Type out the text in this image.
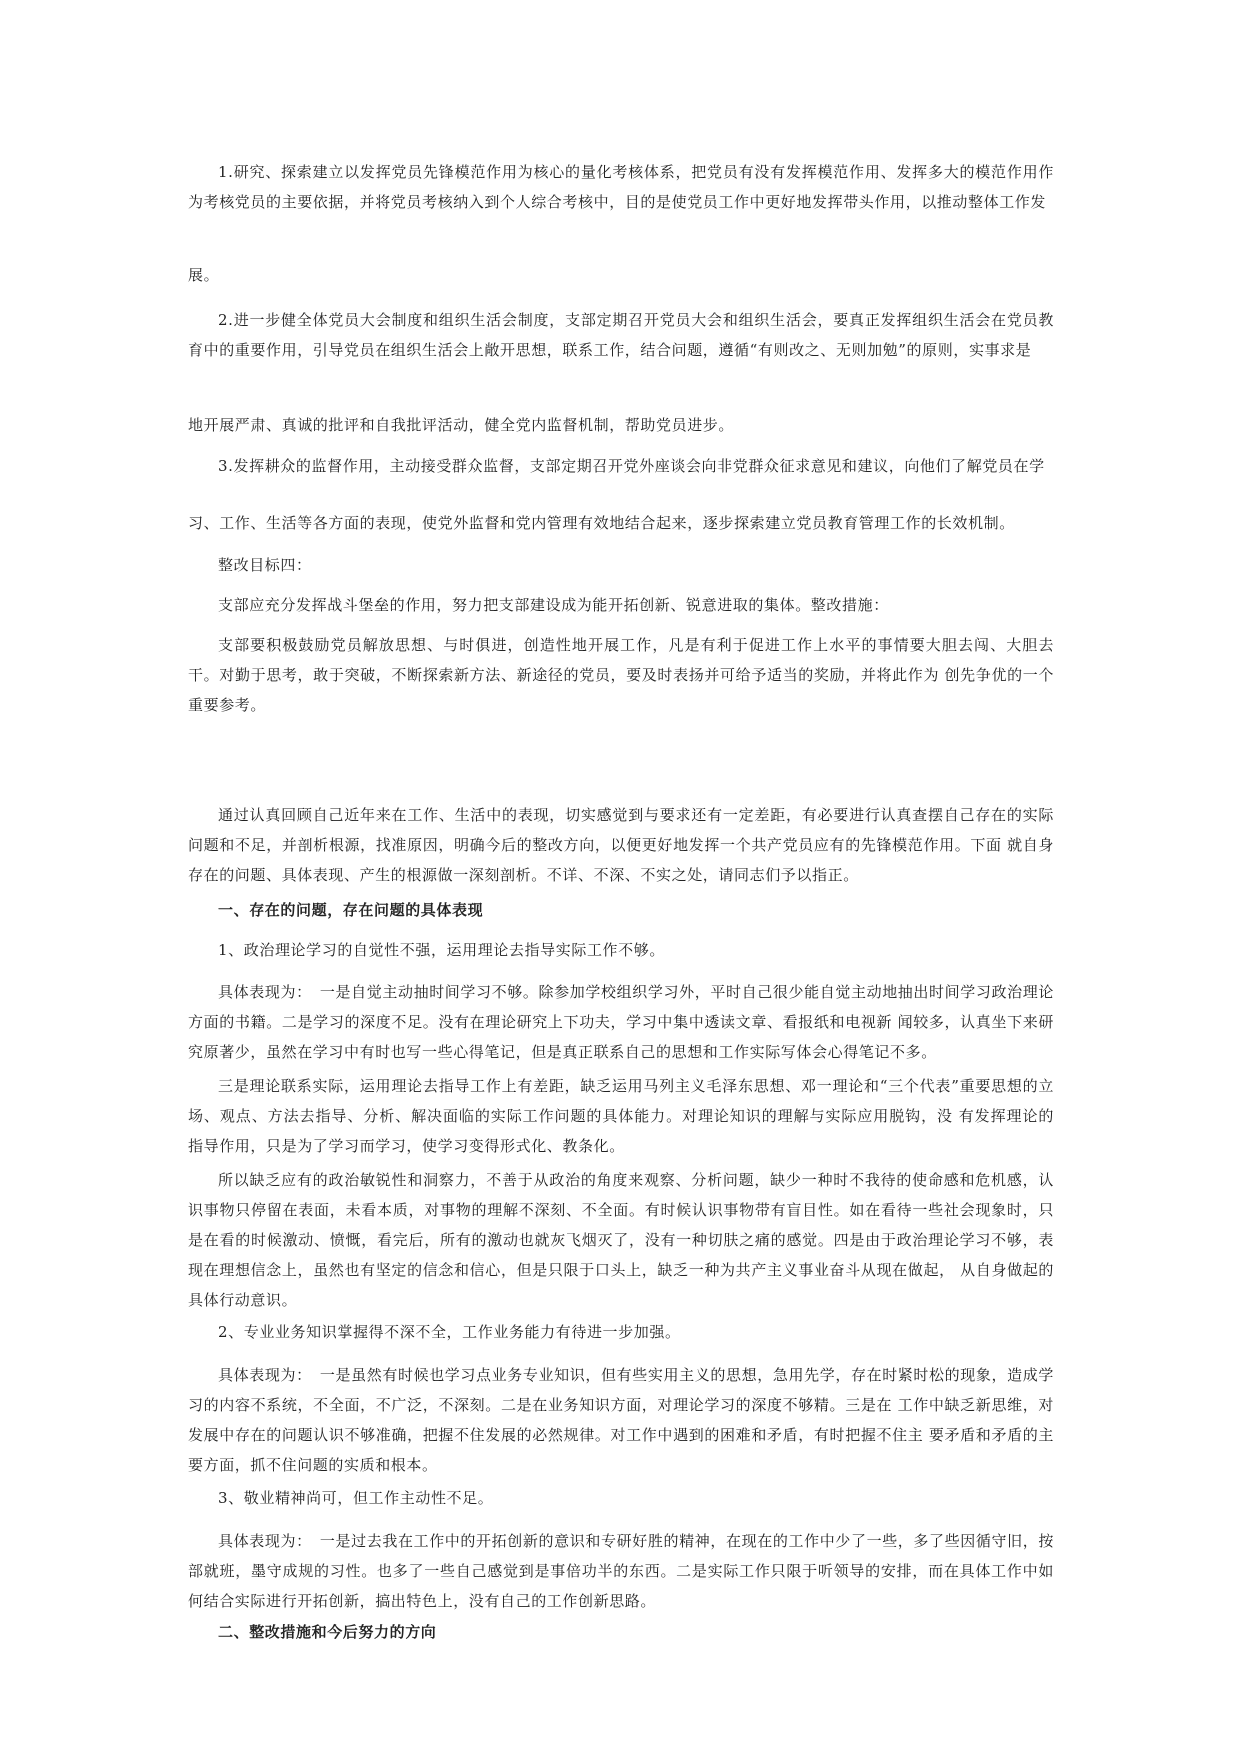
1.研究、探索建立以发挥党员先锋模范作用为核心的量化考核体系，把党员有没有发挥模范作用、发挥多大的模范作用作 为考核党员的主要依据，并将党员考核纳入到个人综合考核中，目的是使党员工作中更好地发挥带头作用，以推动整体工作发

展。

2.进一步健全体党员大会制度和组织生活会制度，支部定期召开党员大会和组织生活会，要真正发挥组织生活会在党员教 育中的重要作用，引导党员在组织生活会上敞开思想，联系工作，结合问题，遵循“有则改之、无则加勉”的原则，实事求是

地开展严肃、真诚的批评和自我批评活动，健全党内监督机制，帮助党员进步。

3.发挥耕众的监督作用，主动接受群众监督，支部定期召开党外座谈会向非党群众征求意见和建议，向他们了解党员在学

习、工作、生活等各方面的表现，使党外监督和党内管理有效地结合起来，逐步探索建立党员教育管理工作的长效机制。

整改目标四：

支部应充分发挥战斗堡垒的作用，努力把支部建设成为能开拓创新、锐意进取的集体。整改措施：

支部要积极鼓励党员解放思想、与时俱进，创造性地开展工作，凡是有利于促进工作上水平的事情要大胆去闯、大胆去干。对勤于思考，敢于突破，不断探索新方法、新途径的党员，要及时表扬并可给予适当的奖励，并将此作为 创先争优的一个重要参考。

通过认真回顾自己近年来在工作、生活中的表现，切实感觉到与要求还有一定差距，有必要进行认真查摆自己存在的实际问题和不足，并剖析根源，找准原因，明确今后的整改方向，以便更好地发挥一个共产党员应有的先锋模范作用。下面 就自身 存在的问题、具体表现、产生的根源做一深刻剖析。不详、不深、不实之处，请同志们予以指正。

一、存在的问题，存在问题的具体表现

1、政治理论学习的自觉性不强，运用理论去指导实际工作不够。

具体表现为：　一是自觉主动抽时间学习不够。除参加学校组织学习外，平时自己很少能自觉主动地抽出时间学习政治理论 方面的书籍。二是学习的深度不足。没有在理论研究上下功夫，学习中集中透读文章、看报纸和电视新 闻较多，认真坐下来研 究原著少，虽然在学习中有时也写一些心得笔记，但是真正联系自己的思想和工作实际写体会心得笔记不多。

三是理论联系实际，运用理论去指导工作上有差距，缺乏运用马列主义毛泽东思想、邓一理论和“三个代表”重要思想的立场、观点、方法去指导、分析、解决面临的实际工作问题的具体能力。对理论知识的理解与实际应用脱钩，没 有发挥理论的 指导作用，只是为了学习而学习，使学习变得形式化、教条化。

所以缺乏应有的政治敏锐性和洞察力，不善于从政治的角度来观察、分析问题，缺少一种时不我待的使命感和危机感，认识事物只停留在表面，未看本质，对事物的理解不深刻、不全面。有时候认识事物带有盲目性。如在看待一些社会现象时，只 是在看的时候激动、愤慨，看完后，所有的激动也就灰飞烟灭了，没有一种切肤之痛的感觉。四是由于政治理论学习不够，表 现在理想信念上，虽然也有坚定的信念和信心，但是只限于口头上，缺乏一种为共产主义事业奋斗从现在做起， 从自身做起的 具体行动意识。

2、专业业务知识掌握得不深不全，工作业务能力有待进一步加强。

具体表现为：　一是虽然有时候也学习点业务专业知识，但有些实用主义的思想，急用先学，存在时紧时松的现象，造成学 习的内容不系统，不全面，不广泛，不深刻。二是在业务知识方面，对理论学习的深度不够精。三是在 工作中缺乏新思维，对 发展中存在的问题认识不够准确，把握不住发展的必然规律。对工作中遇到的困难和矛盾，有时把握不住主 要矛盾和矛盾的主 要方面，抓不住问题的实质和根本。

3、敬业精神尚可，但工作主动性不足。

具体表现为：　一是过去我在工作中的开拓创新的意识和专研好胜的精神，在现在的工作中少了一些，多了些因循守旧，按 部就班，墨守成规的习性。也多了一些自己感觉到是事倍功半的东西。二是实际工作只限于听领导的安排，而在具体工作中如 何结合实际进行开拓创新，搞出特色上，没有自己的工作创新思路。

二、整改措施和今后努力的方向
